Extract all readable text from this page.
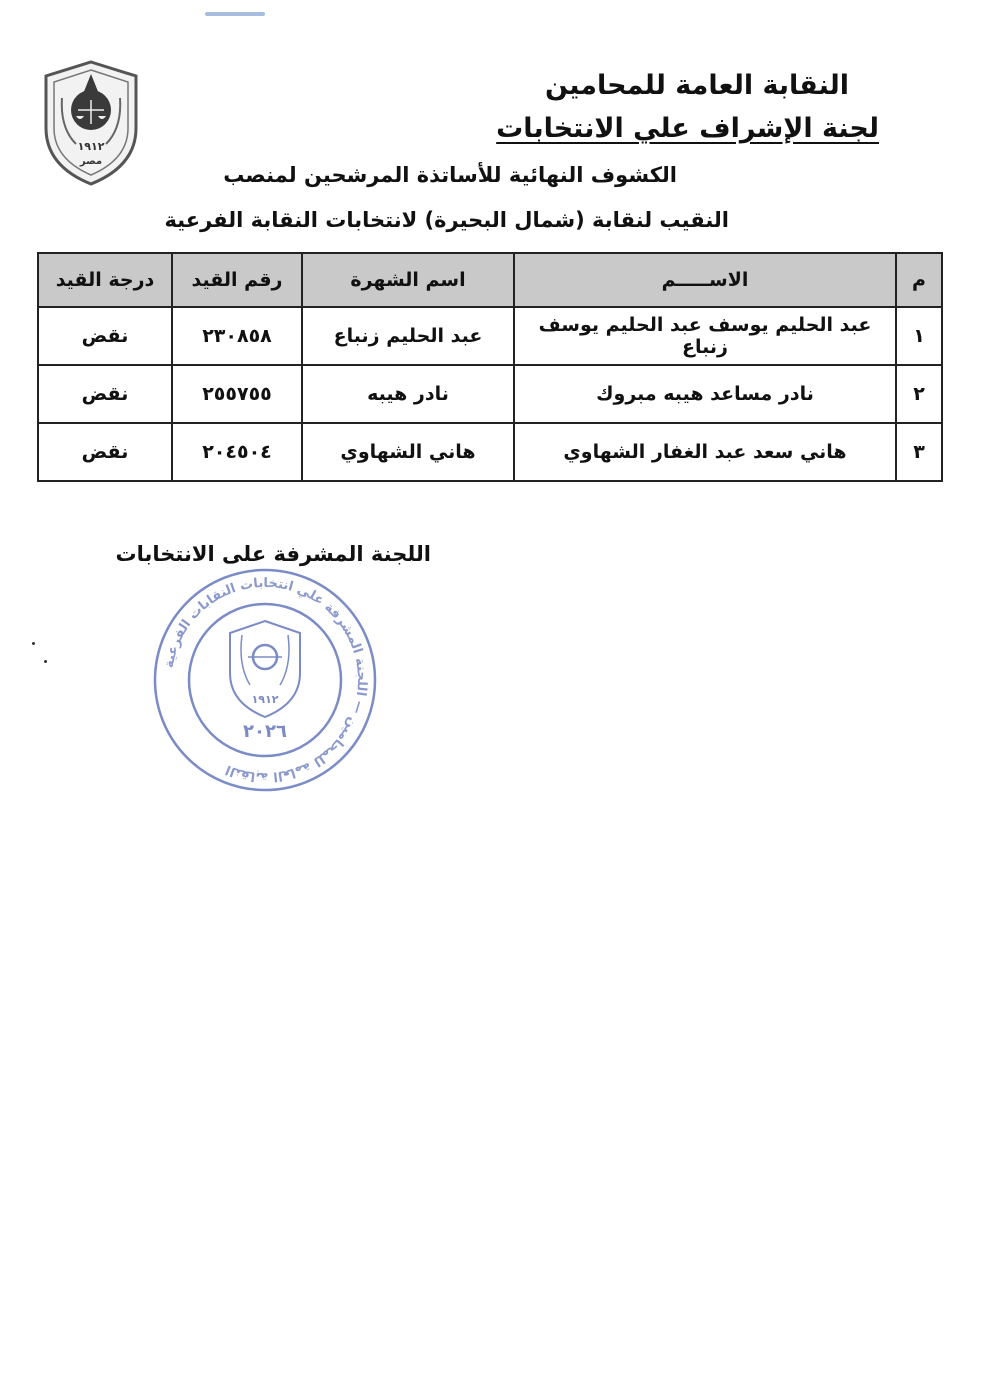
١٩١٢
مصر
النقابة العامة للمحامين
لجنة الإشراف علي الانتخابات
الكشوف النهائية للأساتذة المرشحين لمنصب
النقيب لنقابة (شمال البحيرة) لانتخابات النقابة الفرعية
م	الاســـــم	اسم الشهرة	رقم القيد	درجة القيد
١	عبد الحليم يوسف عبد الحليم يوسف زنباع	عبد الحليم زنباع	٢٣٠٨٥٨	نقض
٢	نادر مساعد هيبه مبروك	نادر هيبه	٢٥٥٧٥٥	نقض
٣	هاني سعد عبد الغفار الشهاوي	هاني الشهاوي	٢٠٤٥٠٤	نقض
اللجنة المشرفة على الانتخابات
١٩١٢
٢٠٢٦
النقابة العامة للمحامين — اللجنة المشرفة علي انتخابات النقابات الفرعية
